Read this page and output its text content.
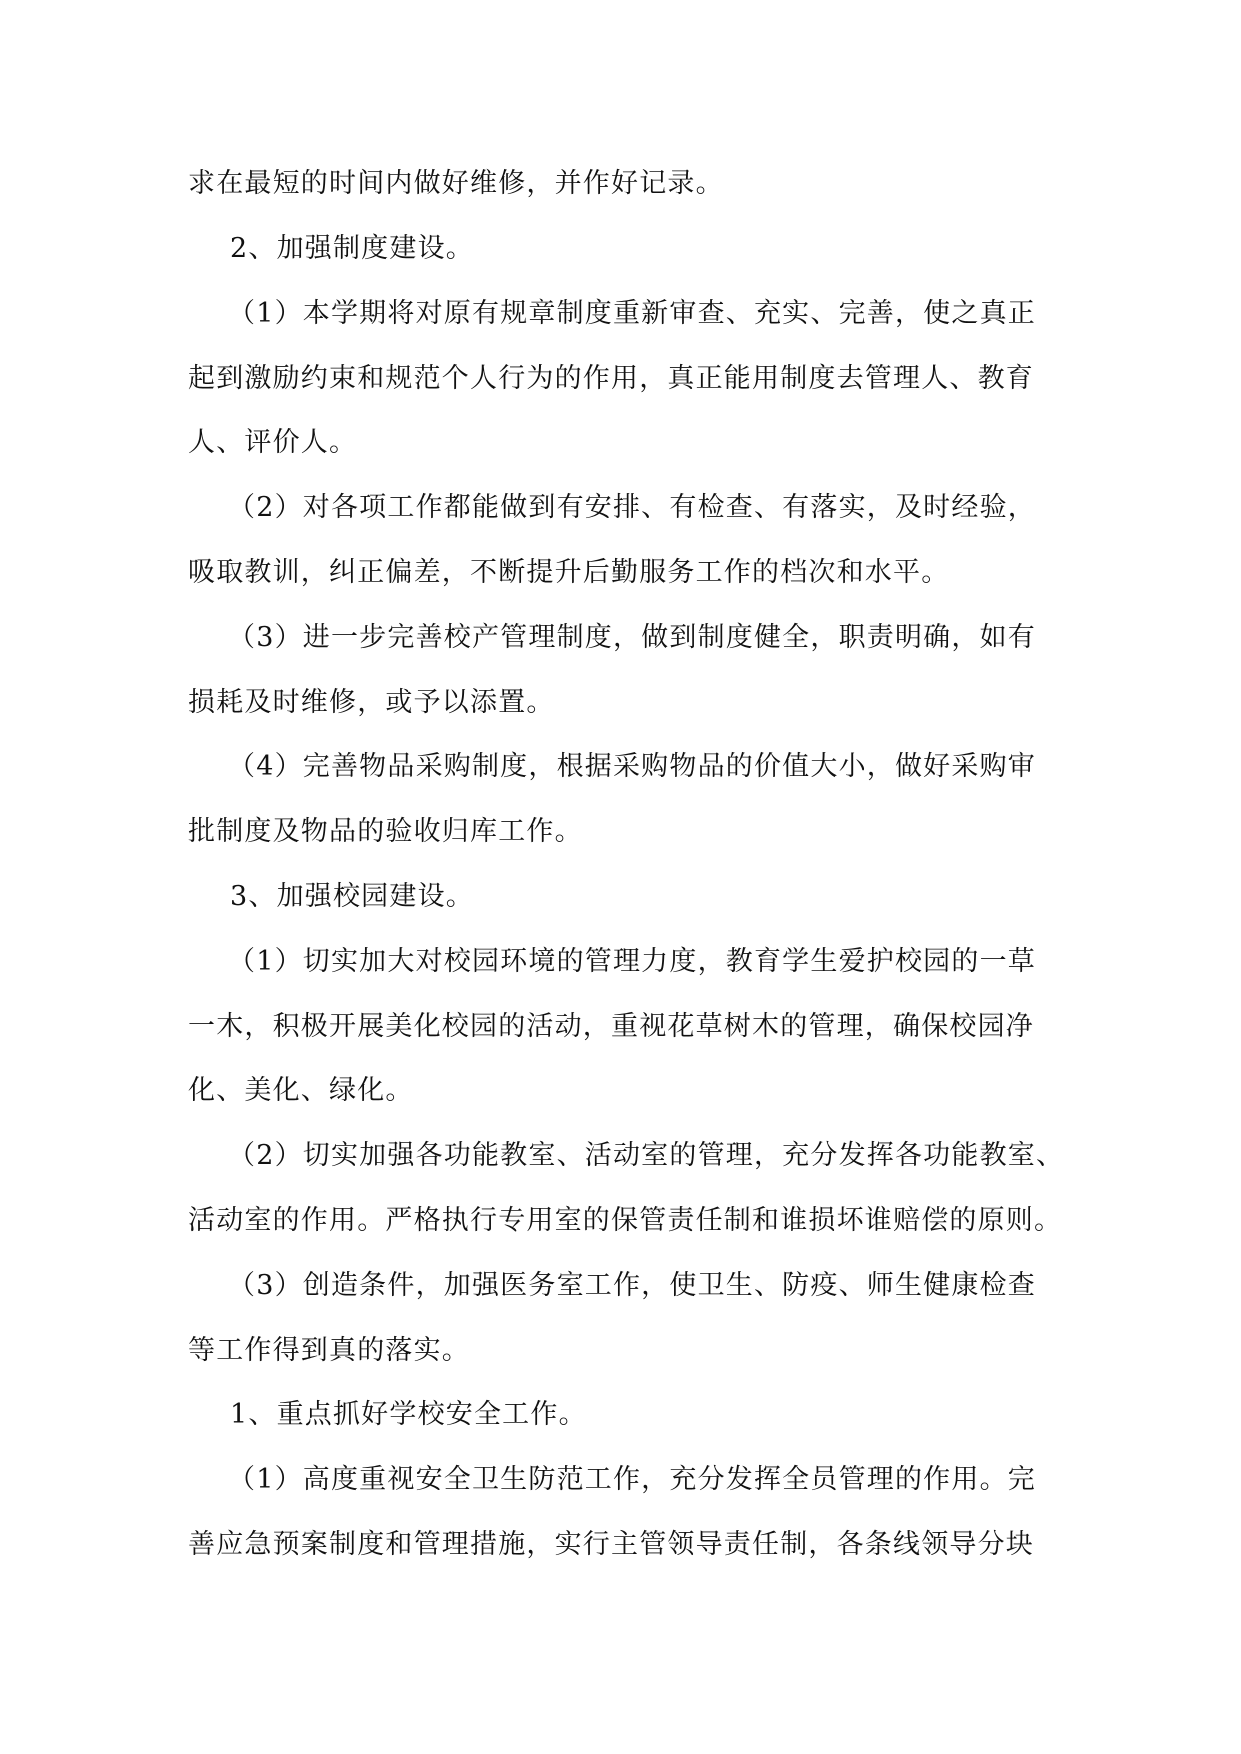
求在最短的时间内做好维修，并作好记录。

2、加强制度建设。

（1）本学期将对原有规章制度重新审查、充实、完善，使之真正

起到激励约束和规范个人行为的作用，真正能用制度去管理人、教育

人、评价人。

（2）对各项工作都能做到有安排、有检查、有落实，及时经验，

吸取教训，纠正偏差，不断提升后勤服务工作的档次和水平。

（3）进一步完善校产管理制度，做到制度健全，职责明确，如有

损耗及时维修，或予以添置。

（4）完善物品采购制度，根据采购物品的价值大小，做好采购审

批制度及物品的验收归库工作。

3、加强校园建设。

（1）切实加大对校园环境的管理力度，教育学生爱护校园的一草

一木，积极开展美化校园的活动，重视花草树木的管理，确保校园净

化、美化、绿化。

（2）切实加强各功能教室、活动室的管理，充分发挥各功能教室、

活动室的作用。严格执行专用室的保管责任制和谁损坏谁赔偿的原则。

（3）创造条件，加强医务室工作，使卫生、防疫、师生健康检查

等工作得到真的落实。

1、重点抓好学校安全工作。

（1）高度重视安全卫生防范工作，充分发挥全员管理的作用。完

善应急预案制度和管理措施，实行主管领导责任制，各条线领导分块
